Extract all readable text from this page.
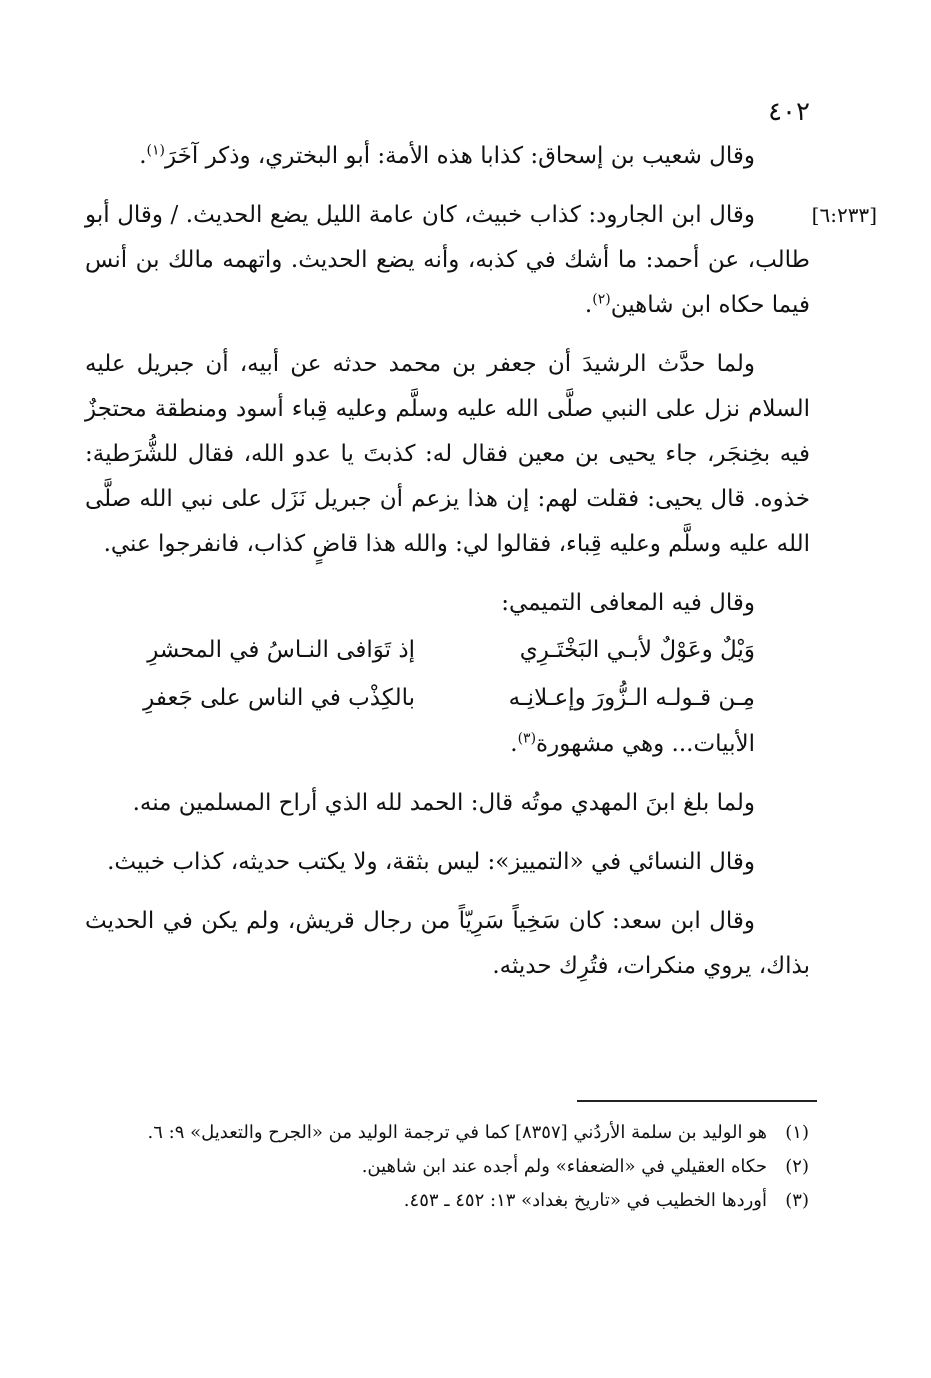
٤٠٢

وقال شعيب بن إسحاق: كذابا هذه الأمة: أبو البختري، وذكر آخَرَ$^{(١)}$.

[٦:٢٣٣]

وقال ابن الجارود: كذاب خبيث، كان عامة الليل يضع الحديث. / وقال أبو طالب، عن أحمد: ما أشك في كذبه، وأنه يضع الحديث. واتهمه مالك بن أنس فيما حكاه ابن شاهين$^{(٢)}$.

ولما حدَّث الرشيدَ أن جعفر بن محمد حدثه عن أبيه، أن جبريل عليه السلام نزل على النبي صلَّى الله عليه وسلَّم وعليه قِباء أسود ومنطقة محتجزٌ فيه بخِنجَر، جاء يحيى بن معين فقال له: كذبتَ يا عدو الله، فقال للشُّرَطية: خذوه. قال يحيى: فقلت لهم: إن هذا يزعم أن جبريل نَزَل على نبي الله صلَّى الله عليه وسلَّم وعليه قِباء، فقالوا لي: والله هذا قاضٍ كذاب، فانفرجوا عني.

وقال فيه المعافى التميمي:

وَيْلٌ وعَوْلٌ لأبـي البَخْتَـرِي
إذ تَوَافى النـاسُ في المحشرِ
مِـن قـولـه الـزُّورَ وإعـلانِـه
بالكِذْب في الناس على جَعفرِ

الأبيات... وهي مشهورة$^{(٣)}$.

ولما بلغ ابنَ المهدي موتُه قال: الحمد لله الذي أراح المسلمين منه.

وقال النسائي في «التمييز»: ليس بثقة، ولا يكتب حديثه، كذاب خبيث.

وقال ابن سعد: كان سَخِياً سَرِيّاً من رجال قريش، ولم يكن في الحديث بذاك، يروي منكرات، فتُرِك حديثه.

(١)
هو الوليد بن سلمة الأردُني [٨٣٥٧] كما في ترجمة الوليد من «الجرح والتعديل» ٩: ٦.
(٢)
حكاه العقيلي في «الضعفاء» ولم أجده عند ابن شاهين.
(٣)
أوردها الخطيب في «تاريخ بغداد» ١٣: ٤٥٢ ـ ٤٥٣.
